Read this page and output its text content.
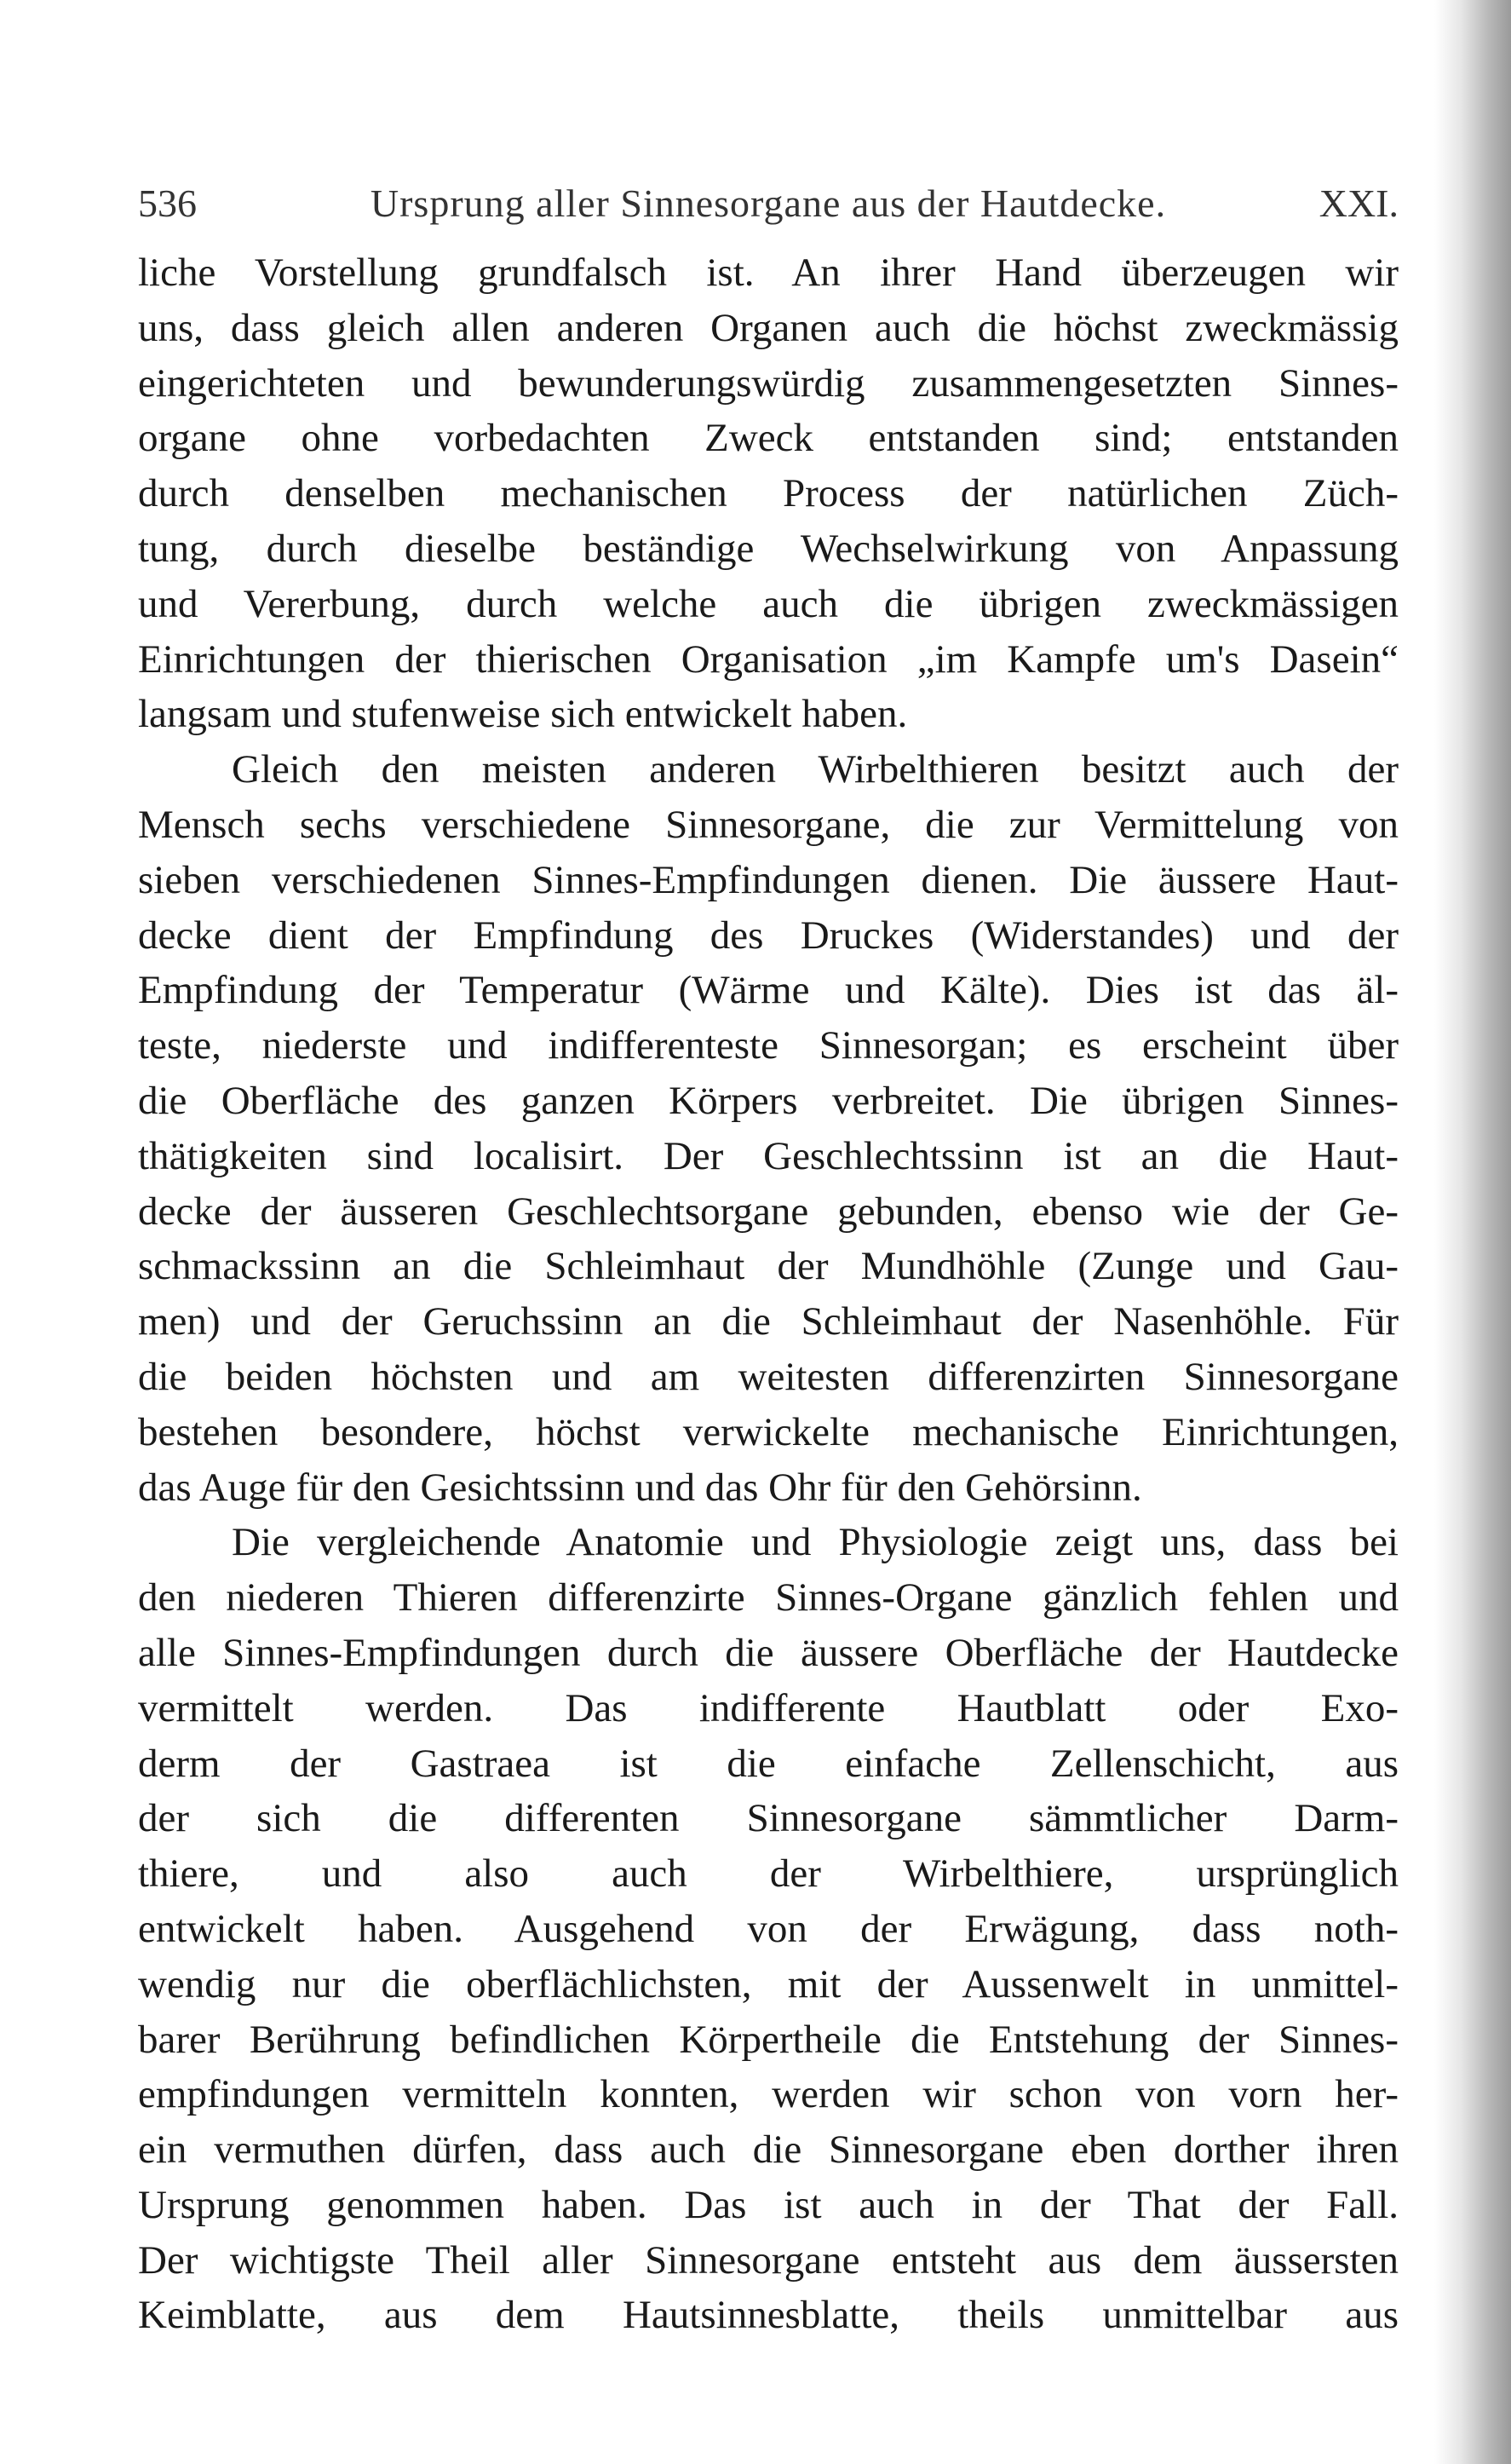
536	Ursprung aller Sinnesorgane aus der Hautdecke.	XXI.
liche Vorstellung grundfalsch ist. An ihrer Hand überzeugen wir
uns, dass gleich allen anderen Organen auch die höchst zweckmässig
eingerichteten und bewunderungswürdig zusammengesetzten Sinnes-
organe ohne vorbedachten Zweck entstanden sind; entstanden
durch denselben mechanischen Process der natürlichen Züch-
tung, durch dieselbe beständige Wechselwirkung von Anpassung
und Vererbung, durch welche auch die übrigen zweckmässigen
Einrichtungen der thierischen Organisation „im Kampfe um's Dasein“
langsam und stufenweise sich entwickelt haben.
Gleich den meisten anderen Wirbelthieren besitzt auch der
Mensch sechs verschiedene Sinnesorgane, die zur Vermittelung von
sieben verschiedenen Sinnes-Empfindungen dienen. Die äussere Haut-
decke dient der Empfindung des Druckes (Widerstandes) und der
Empfindung der Temperatur (Wärme und Kälte). Dies ist das äl-
teste, niederste und indifferenteste Sinnesorgan; es erscheint über
die Oberfläche des ganzen Körpers verbreitet. Die übrigen Sinnes-
thätigkeiten sind localisirt. Der Geschlechtssinn ist an die Haut-
decke der äusseren Geschlechtsorgane gebunden, ebenso wie der Ge-
schmackssinn an die Schleimhaut der Mundhöhle (Zunge und Gau-
men) und der Geruchssinn an die Schleimhaut der Nasenhöhle. Für
die beiden höchsten und am weitesten differenzirten Sinnesorgane
bestehen besondere, höchst verwickelte mechanische Einrichtungen,
das Auge für den Gesichtssinn und das Ohr für den Gehörsinn.
Die vergleichende Anatomie und Physiologie zeigt uns, dass bei
den niederen Thieren differenzirte Sinnes-Organe gänzlich fehlen und
alle Sinnes-Empfindungen durch die äussere Oberfläche der Hautdecke
vermittelt werden. Das indifferente Hautblatt oder Exo-
derm der Gastraea ist die einfache Zellenschicht, aus
der sich die differenten Sinnesorgane sämmtlicher Darm-
thiere, und also auch der Wirbelthiere, ursprünglich
entwickelt haben. Ausgehend von der Erwägung, dass noth-
wendig nur die oberflächlichsten, mit der Aussenwelt in unmittel-
barer Berührung befindlichen Körpertheile die Entstehung der Sinnes-
empfindungen vermitteln konnten, werden wir schon von vorn her-
ein vermuthen dürfen, dass auch die Sinnesorgane eben dorther ihren
Ursprung genommen haben. Das ist auch in der That der Fall.
Der wichtigste Theil aller Sinnesorgane entsteht aus dem äussersten
Keimblatte, aus dem Hautsinnesblatte, theils unmittelbar aus
